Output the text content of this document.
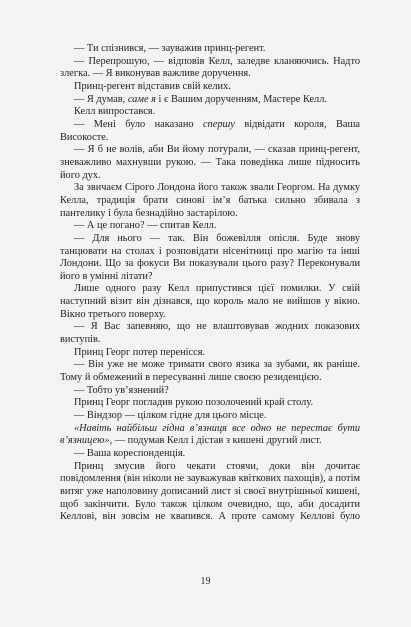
— Ти спізнився, — зауважив принц-регент.

— Перепрошую, — відповів Келл, заледве кланяючись. Надто злегка. — Я виконував важливе доручення.

Принц-регент відставив свій келих.

— Я думав, саме я і є Вашим дорученням, Мастере Келл.

Келл випростався.

— Мені було наказано спершу відвідати короля, Ваша Високосте.

— Я б не волів, аби Ви йому потурали, — сказав принц-регент, зневажливо махнувши рукою. — Така поведінка лише підносить його дух.

За звичаєм Сірого Лондона його також звали Георгом. На думку Келла, традиція брати синові ім’я батька сильно збивала з пантелику і була безнадійно застарілою.

— А це погано? — спитав Келл.

— Для нього — так. Він божевілля опісля. Буде знову танцювати на столах і розповідати нісенітниці про магію та інші Лондони. Що за фокуси Ви показували цього разу? Переконували його в умінні літати?

Лише одного разу Келл припустився цієї помилки. У свій наступний візит він дізнався, що король мало не вийшов у вікно. Вікно третього поверху.

— Я Вас запевняю, що не влаштовував жодних показових виступів.

Принц Георг потер перенісся.

— Він уже не може тримати свого язика за зубами, як раніше. Тому й обмежений в пересуванні лише своєю резиденцією.

— Тобто ув’язнений?

Принц Георг погладив рукою позолочений край столу.

— Віндзор — цілком гідне для цього місце.

«Навіть найбільш гідна в’язниця все одно не перестає бути в’язницею», — подумав Келл і дістав з кишені другий лист.

— Ваша кореспонденція.

Принц змусив його чекати стоячи, доки він дочитає повідомлення (він ніколи не зауважував квіткових пахощів), а потім витяг уже наполовину дописаний лист зі своєї внутрішньої кишені, щоб закінчити. Було також цілком очевидно, що, аби досадити Келлові, він зовсім не квапився. А проте самому Келлові було

19
